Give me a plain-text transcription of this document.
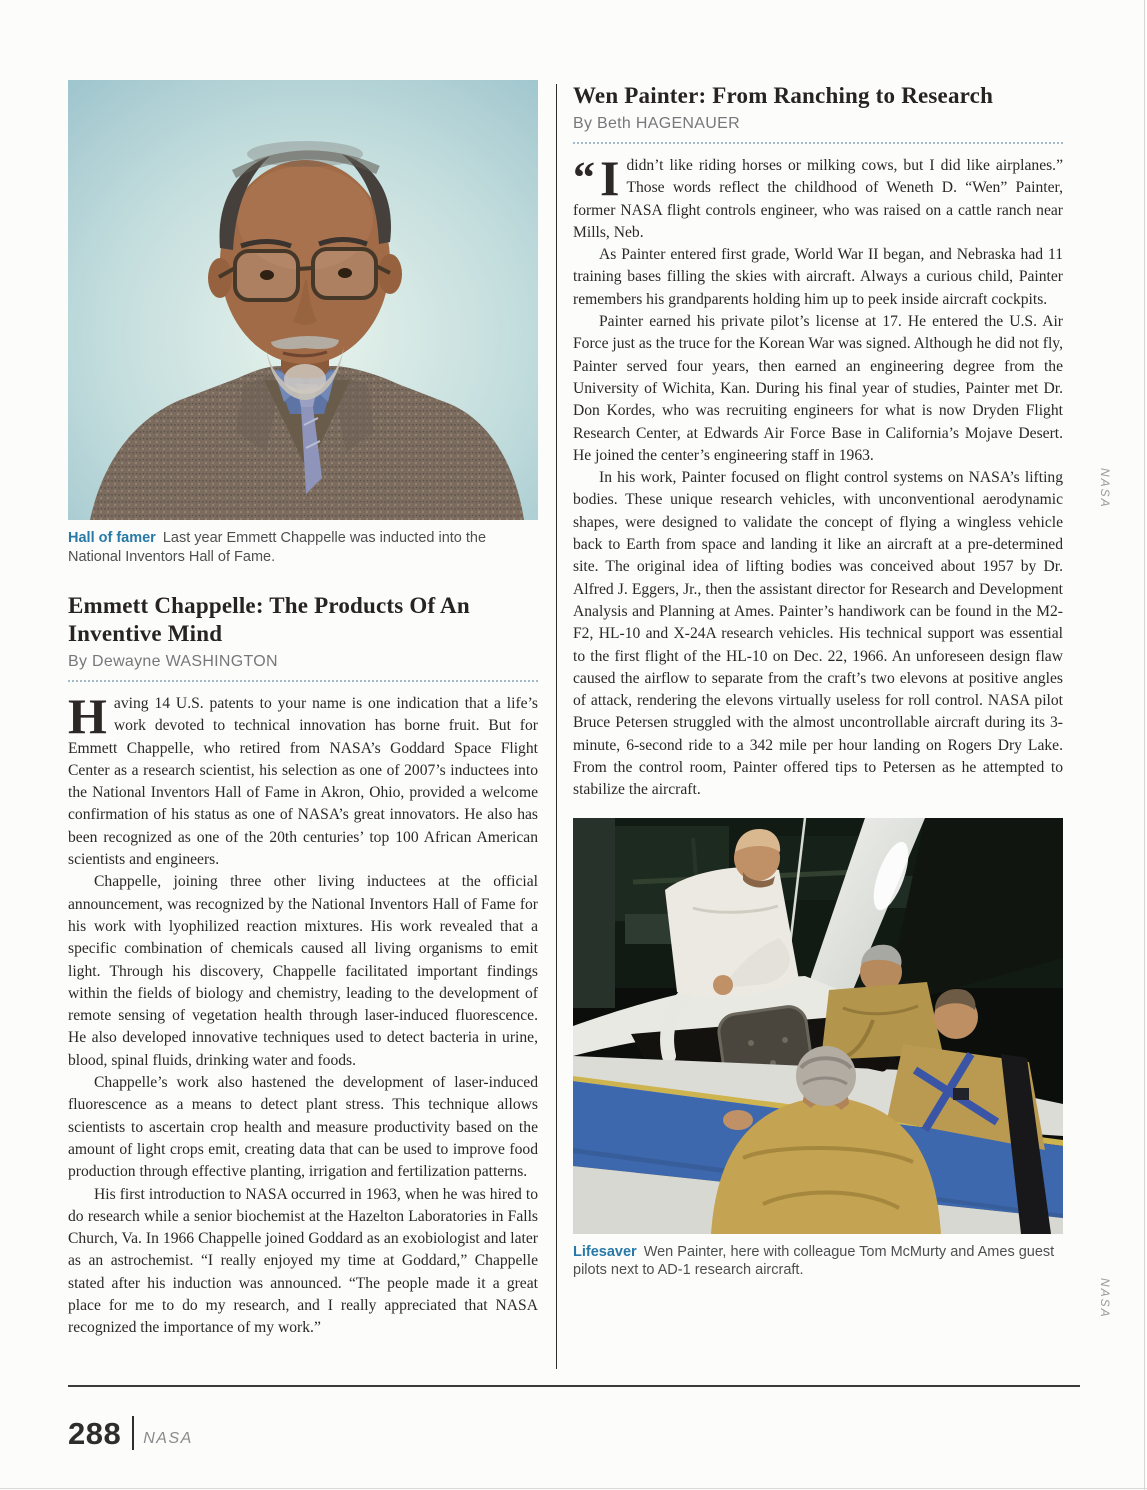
Hall of famer Last year Emmett Chappelle was inducted into the National Inventors Hall of Fame.

Emmett Chappelle: The Products Of An Inventive Mind
By Dewayne WASHINGTON

Having 14 U.S. patents to your name is one indication that a life’s work devoted to technical innovation has borne fruit. But for Emmett Chappelle, who retired from NASA’s Goddard Space Flight Center as a research scientist, his selection as one of 2007’s inductees into the National Inventors Hall of Fame in Akron, Ohio, provided a welcome confirmation of his status as one of NASA’s great innovators. He also has been recognized as one of the 20th centuries’ top 100 African American scientists and engineers.

Chappelle, joining three other living inductees at the official announcement, was recognized by the National Inventors Hall of Fame for his work with lyophilized reaction mixtures. His work revealed that a specific combination of chemicals caused all living organisms to emit light. Through his discovery, Chappelle facilitated important findings within the fields of biology and chemistry, leading to the development of remote sensing of vegetation health through laser-induced fluorescence. He also developed innovative techniques used to detect bacteria in urine, blood, spinal fluids, drinking water and foods.

Chappelle’s work also hastened the development of laser-induced fluorescence as a means to detect plant stress. This technique allows scientists to ascertain crop health and measure productivity based on the amount of light crops emit, creating data that can be used to improve food production through effective planting, irrigation and fertilization patterns.

His first introduction to NASA occurred in 1963, when he was hired to do research while a senior biochemist at the Hazelton Laboratories in Falls Church, Va. In 1966 Chappelle joined Goddard as an exobiologist and later as an astrochemist. “I really enjoyed my time at Goddard,” Chappelle stated after his induction was announced. “The people made it a great place for me to do my research, and I really appreciated that NASA recognized the importance of my work.”

Wen Painter: From Ranching to Research
By Beth HAGENAUER

“ I didn’t like riding horses or milking cows, but I did like airplanes.” Those words reflect the childhood of Weneth D. “Wen” Painter, former NASA flight controls engineer, who was raised on a cattle ranch near Mills, Neb.

As Painter entered first grade, World War II began, and Nebraska had 11 training bases filling the skies with aircraft. Always a curious child, Painter remembers his grandparents holding him up to peek inside aircraft cockpits.

Painter earned his private pilot’s license at 17. He entered the U.S. Air Force just as the truce for the Korean War was signed. Although he did not fly, Painter served four years, then earned an engineering degree from the University of Wichita, Kan. During his final year of studies, Painter met Dr. Don Kordes, who was recruiting engineers for what is now Dryden Flight Research Center, at Edwards Air Force Base in California’s Mojave Desert. He joined the center’s engineering staff in 1963.

In his work, Painter focused on flight control systems on NASA’s lifting bodies. These unique research vehicles, with unconventional aerodynamic shapes, were designed to validate the concept of flying a wingless vehicle back to Earth from space and landing it like an aircraft at a pre-determined site. The original idea of lifting bodies was conceived about 1957 by Dr. Alfred J. Eggers, Jr., then the assistant director for Research and Development Analysis and Planning at Ames. Painter’s handiwork can be found in the M2-F2, HL-10 and X-24A research vehicles. His technical support was essential to the first flight of the HL-10 on Dec. 22, 1966. An unforeseen design flaw caused the airflow to separate from the craft’s two elevons at positive angles of attack, rendering the elevons virtually useless for roll control. NASA pilot Bruce Petersen struggled with the almost uncontrollable aircraft during its 3-minute, 6-second ride to a 342 mile per hour landing on Rogers Dry Lake. From the control room, Painter offered tips to Petersen as he attempted to stabilize the aircraft.

Lifesaver Wen Painter, here with colleague Tom McMurty and Ames guest pilots next to AD-1 research aircraft.

288 NASA
NASA
NASA
